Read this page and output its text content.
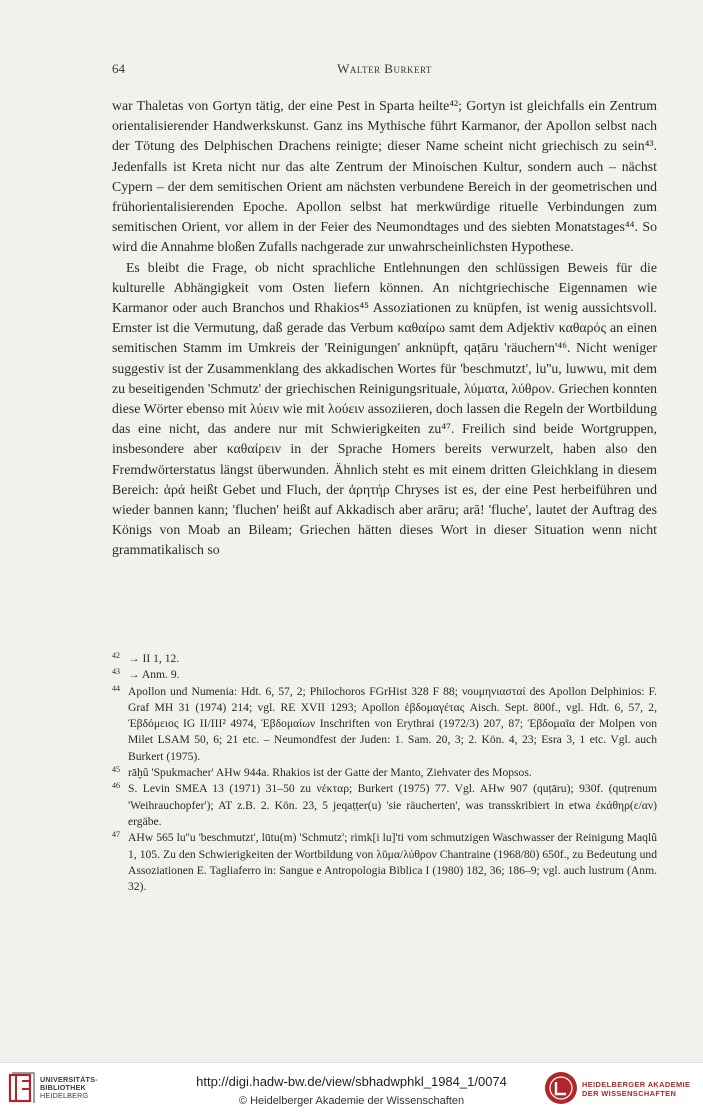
64	Walter Burkert

war Thaletas von Gortyn tätig, der eine Pest in Sparta heilte⁴²; Gortyn ist gleichfalls ein Zentrum orientalisierender Handwerkskunst. Ganz ins Mythische führt Karmanor, der Apollon selbst nach der Tötung des Delphischen Drachens reinigte; dieser Name scheint nicht griechisch zu sein⁴³. Jedenfalls ist Kreta nicht nur das alte Zentrum der Minoischen Kultur, sondern auch – nächst Cypern – der dem semitischen Orient am nächsten verbundene Bereich in der geometrischen und frühorientalisierenden Epoche. Apollon selbst hat merkwürdige rituelle Verbindungen zum semitischen Orient, vor allem in der Feier des Neumondtages und des siebten Monatstages⁴⁴. So wird die Annahme bloßen Zufalls nachgerade zur unwahrscheinlichsten Hypothese.

Es bleibt die Frage, ob nicht sprachliche Entlehnungen den schlüssigen Beweis für die kulturelle Abhängigkeit vom Osten liefern können. An nichtgriechische Eigennamen wie Karmanor oder auch Branchos und Rhakios⁴⁵ Assoziationen zu knüpfen, ist wenig aussichtsvoll. Ernster ist die Vermutung, daß gerade das Verbum καθαίρω samt dem Adjektiv καθαρός an einen semitischen Stamm im Umkreis der 'Reinigungen' anknüpft, qaṭāru 'räuchern'⁴⁶. Nicht weniger suggestiv ist der Zusammenklang des akkadischen Wortes für 'beschmutzt', lu''u, luwwu, mit dem zu beseitigenden 'Schmutz' der griechischen Reinigungsrituale, λύματα, λύθρον. Griechen konnten diese Wörter ebenso mit λύειν wie mit λούειν assoziieren, doch lassen die Regeln der Wortbildung das eine nicht, das andere nur mit Schwierigkeiten zu⁴⁷. Freilich sind beide Wortgruppen, insbesondere aber καθαίρειν in der Sprache Homers bereits verwurzelt, haben also den Fremdwörterstatus längst überwunden. Ähnlich steht es mit einem dritten Gleichklang in diesem Bereich: ἀρά heißt Gebet und Fluch, der ἀρητήρ Chryses ist es, der eine Pest herbeiführen und wieder bannen kann; 'fluchen' heißt auf Akkadisch aber arāru; arā! 'fluche', lautet der Auftrag des Königs von Moab an Bileam; Griechen hätten dieses Wort in dieser Situation wenn nicht grammatikalisch so

42 → II 1, 12.
43 → Anm. 9.
44 Apollon und Numenia: Hdt. 6, 57, 2; Philochoros FGrHist 328 F 88; νουμηνιασταί des Apollon Delphinios: F. Graf MH 31 (1974) 214; vgl. RE XVII 1293; Apollon ἑβδομαγέτας Aisch. Sept. 800f., vgl. Hdt. 6, 57, 2, Ἑβδόμειος IG II/III² 4974, Ἑβδομαίων Inschriften von Erythrai (1972/3) 207, 87; Ἑβδομαῖα der Molpen von Milet LSAM 50, 6; 21 etc. – Neumondfest der Juden: 1. Sam. 20, 3; 2. Kön. 4, 23; Esra 3, 1 etc. Vgl. auch Burkert (1975).
45 rāḫû 'Spukmacher' AHw 944a. Rhakios ist der Gatte der Manto, Ziehvater des Mopsos.
46 S. Levin SMEA 13 (1971) 31–50 zu νέκταρ; Burkert (1975) 77. Vgl. AHw 907 (quṭāru); 930f. (quṭrenum 'Weihrauchopfer'); AT z.B. 2. Kön. 23, 5 jeqaṭṭer(u) 'sie räucherten', was transskribiert in etwa ἐκάθηρ(ε/αν) ergäbe.
47 AHw 565 lu''u 'beschmutzt', lūtu(m) 'Schmutz'; rimk[i lu]'ti vom schmutzigen Waschwasser der Reinigung Maqlû 1, 105. Zu den Schwierigkeiten der Wortbildung von λῦμα/λύθρον Chantraine (1968/80) 650f., zu Bedeutung und Assoziationen E. Tagliaferro in: Sangue e Antropologia Biblica I (1980) 182, 36; 186–9; vgl. auch lustrum (Anm. 32).
UNIVERSITÄTS-
BIBLIOTHEK
HEIDELBERG
http://digi.hadw-bw.de/view/sbhadwphkl_1984_1/0074
© Heidelberger Akademie der Wissenschaften
HEIDELBERGER AKADEMIE
DER WISSENSCHAFTEN
